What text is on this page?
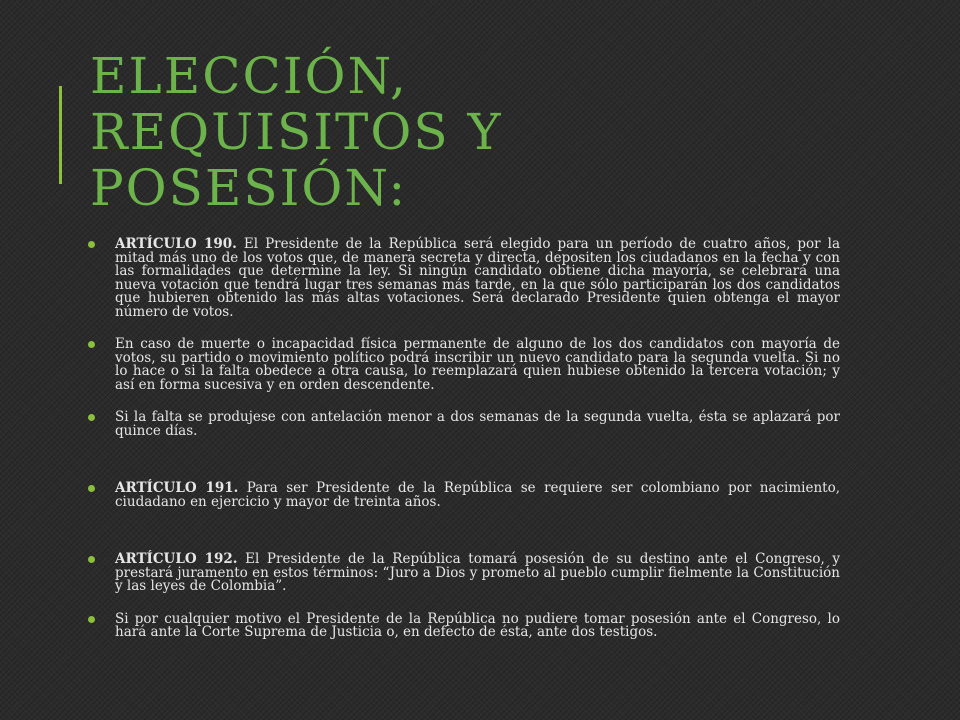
ELECCIÓN,
REQUISITOS Y
POSESIÓN:
ARTÍCULO 190. El Presidente de la República será elegido para un período de cuatro años, por la mitad más uno de los votos que, de manera secreta y directa, depositen los ciudadanos en la fecha y con las formalidades que determine la ley. Si ningún candidato obtiene dicha mayoría, se celebrará una nueva votación que tendrá lugar tres semanas más tarde, en la que sólo participarán los dos candidatos que hubieren obtenido las más altas votaciones. Será declarado Presidente quien obtenga el mayor número de votos.
En caso de muerte o incapacidad física permanente de alguno de los dos candidatos con mayoría de votos, su partido o movimiento político podrá inscribir un nuevo candidato para la segunda vuelta. Si no lo hace o si la falta obedece a otra causa, lo reemplazará quien hubiese obtenido la tercera votación; y así en forma sucesiva y en orden descendente.
Si la falta se produjese con antelación menor a dos semanas de la segunda vuelta, ésta se aplazará por quince días.
ARTÍCULO 191. Para ser Presidente de la República se requiere ser colombiano por nacimiento, ciudadano en ejercicio y mayor de treinta años.
ARTÍCULO 192. El Presidente de la República tomará posesión de su destino ante el Congreso, y prestará juramento en estos términos: “Juro a Dios y prometo al pueblo cumplir fielmente la Constitución y las leyes de Colombia”.
Si por cualquier motivo el Presidente de la República no pudiere tomar posesión ante el Congreso, lo hará ante la Corte Suprema de Justicia o, en defecto de ésta, ante dos testigos.
